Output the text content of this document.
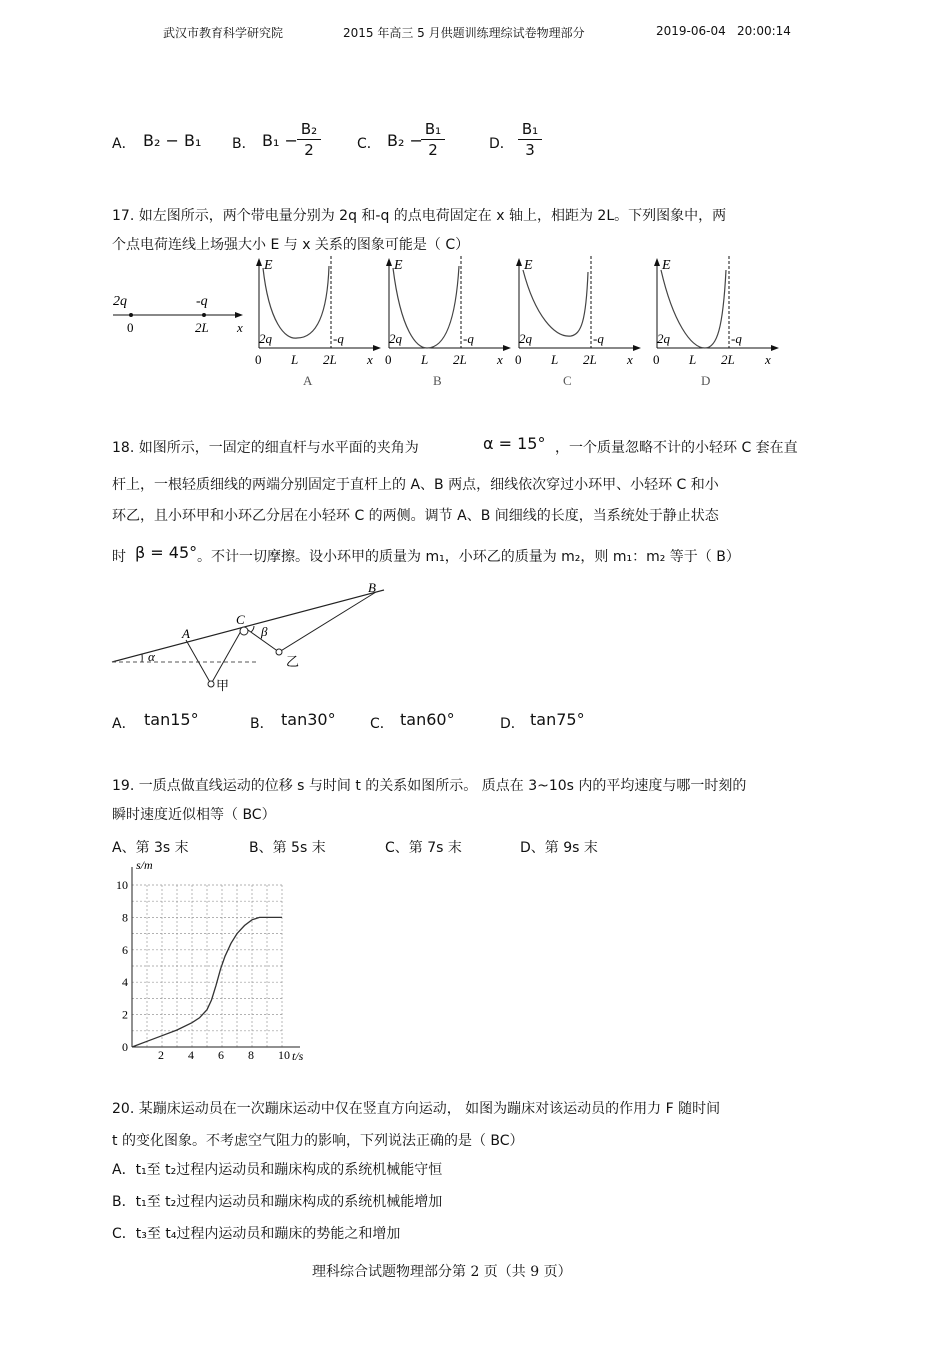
武汉市教育科学研究院	2015 年高三 5 月供题训练理综试卷物理部分	2019-06-04 20:00:14
A． B₂ − B₁ B． B₁ −
B₂
2	C． B₂ −
B₁
2	D．
B₁
3
17. 如左图所示，两个带电量分别为 2q 和-q 的点电荷固定在 x 轴上，相距为 2L。下列图象中，两
个点电荷连线上场强大小 E 与 x 关系的图象可能是（ C）
2q	-q
0	2L x
E
2q	-q
0 L 2L x
A
E
2q	-q
0 L 2L x
B
E
2q	-q
0 L 2L x
C
E
2q	-q
0 L 2L x
D
18. 如图所示，一固定的细直杆与水平面的夹角为	α = 15° ，一个质量忽略不计的小轻环 C 套在直
杆上，一根轻质细线的两端分别固定于直杆上的 A、B 两点，细线依次穿过小环甲、小轻环 C 和小
环乙，且小环甲和小环乙分居在小轻环 C 的两侧。调节 A、B 间细线的长度，当系统处于静止状态
时 β = 45° 。不计一切摩擦。设小环甲的质量为 m₁，小环乙的质量为 m₂，则 m₁：m₂ 等于（ B）
α
A
C
B
β
甲
乙
A． tan15°	B． tan30° C． tan60°	D． tan75°
19. 一质点做直线运动的位移 s 与时间 t 的关系如图所示。 质点在 3~10s 内的平均速度与哪一时刻的
瞬时速度近似相等（ BC）
A、第 3s 末	B、第 5s 末	C、第 7s 末	D、第 9s 末
2 4 6 8 10
0
2
4
6
8
10
s/m
t/s
20. 某蹦床运动员在一次蹦床运动中仅在竖直方向运动， 如图为蹦床对该运动员的作用力 F 随时间
t 的变化图象。不考虑空气阻力的影响，下列说法正确的是（ BC）
A．t₁至 t₂过程内运动员和蹦床构成的系统机械能守恒
B．t₁至 t₂过程内运动员和蹦床构成的系统机械能增加
C．t₃至 t₄过程内运动员和蹦床的势能之和增加
理科综合试题物理部分第 2 页（共 9 页）
